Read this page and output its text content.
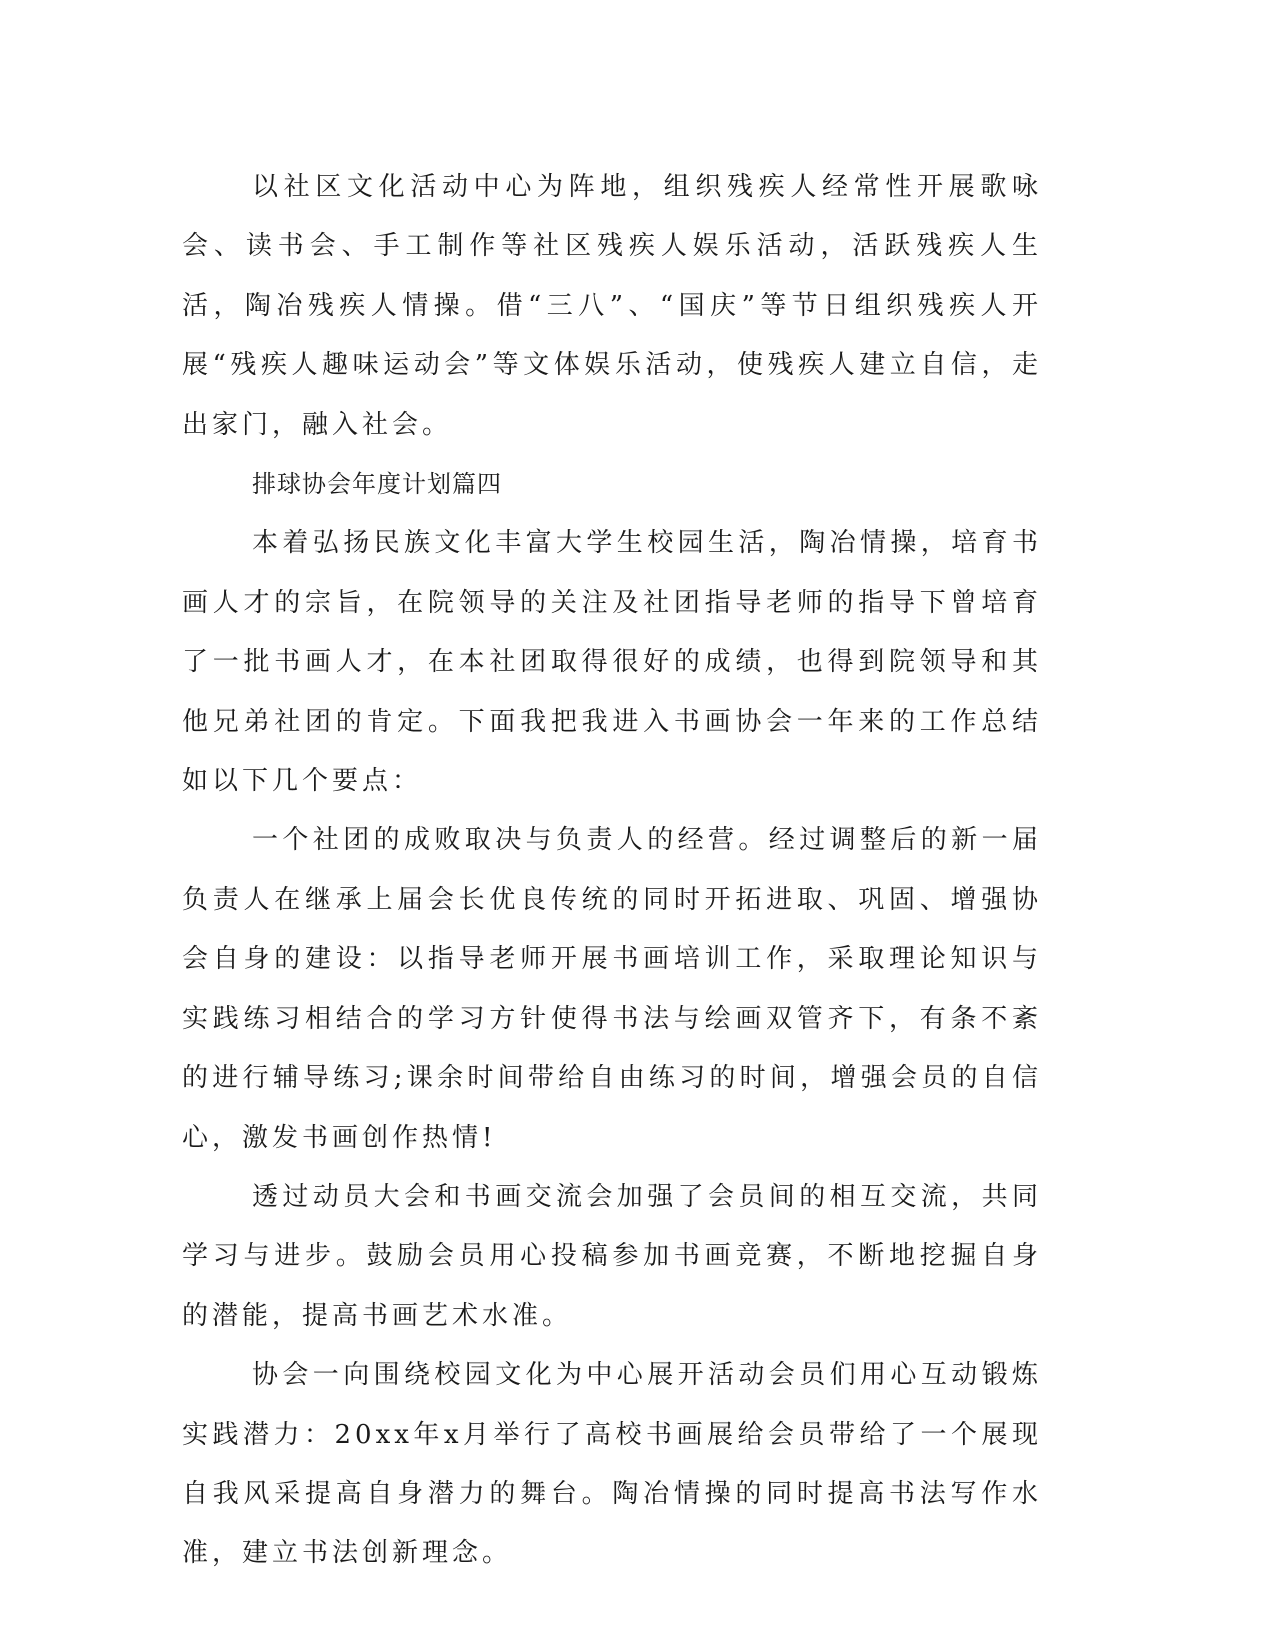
以社区文化活动中心为阵地，组织残疾人经常性开展歌咏会、读书会、手工制作等社区残疾人娱乐活动，活跃残疾人生活，陶冶残疾人情操。借“三八”、“国庆”等节日组织残疾人开展“残疾人趣味运动会”等文体娱乐活动，使残疾人建立自信，走出家门，融入社会。

排球协会年度计划篇四

本着弘扬民族文化丰富大学生校园生活，陶冶情操，培育书画人才的宗旨，在院领导的关注及社团指导老师的指导下曾培育了一批书画人才，在本社团取得很好的成绩，也得到院领导和其他兄弟社团的肯定。下面我把我进入书画协会一年来的工作总结如以下几个要点：

一个社团的成败取决与负责人的经营。经过调整后的新一届负责人在继承上届会长优良传统的同时开拓进取、巩固、增强协会自身的建设：以指导老师开展书画培训工作，采取理论知识与实践练习相结合的学习方针使得书法与绘画双管齐下，有条不紊的进行辅导练习;课余时间带给自由练习的时间，增强会员的自信心，激发书画创作热情!

透过动员大会和书画交流会加强了会员间的相互交流，共同学习与进步。鼓励会员用心投稿参加书画竞赛，不断地挖掘自身的潜能，提高书画艺术水准。

协会一向围绕校园文化为中心展开活动会员们用心互动锻炼实践潜力：20xx年x月举行了高校书画展给会员带给了一个展现自我风采提高自身潜力的舞台。陶冶情操的同时提高书法写作水准，建立书法创新理念。
